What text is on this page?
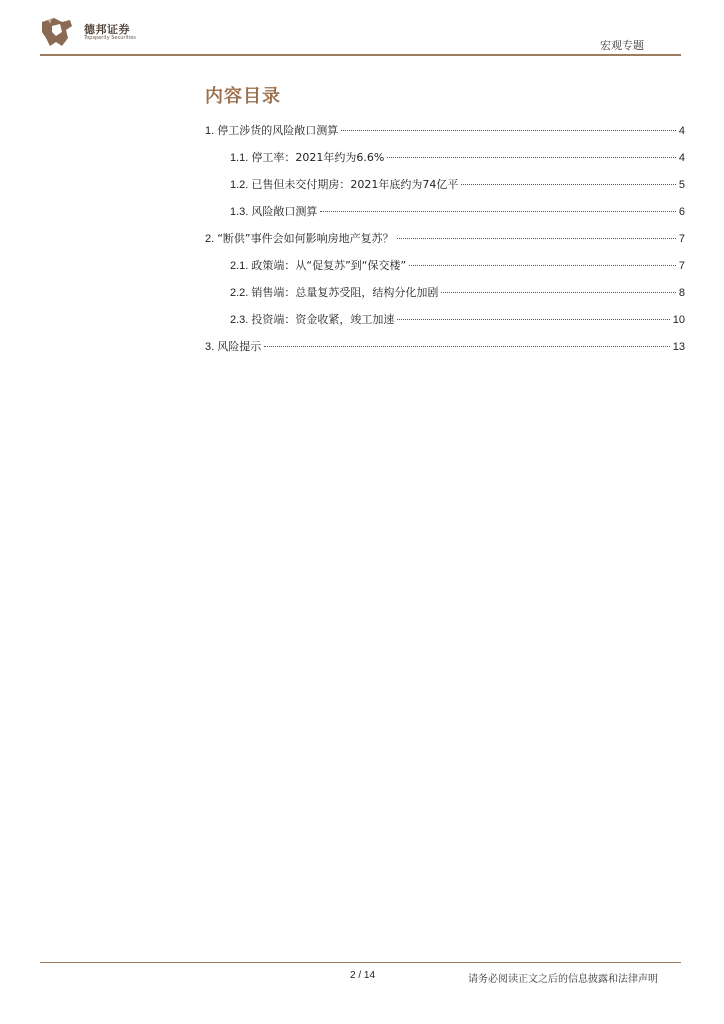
德邦证券
Topsperity Securities
宏观专题
内容目录
1. 停工涉货的风险敞口测算	4
1.1. 停工率：2021年约为6.6%	4
1.2. 已售但未交付期房：2021年底约为74亿平	5
1.3. 风险敞口测算	6
2. “断供”事件会如何影响房地产复苏？	7
2.1. 政策端：从“促复苏”到“保交楼”	7
2.2. 销售端：总量复苏受阻，结构分化加剧	8
2.3. 投资端：资金收紧，竣工加速	10
3. 风险提示	13
2 / 14	请务必阅读正文之后的信息披露和法律声明
